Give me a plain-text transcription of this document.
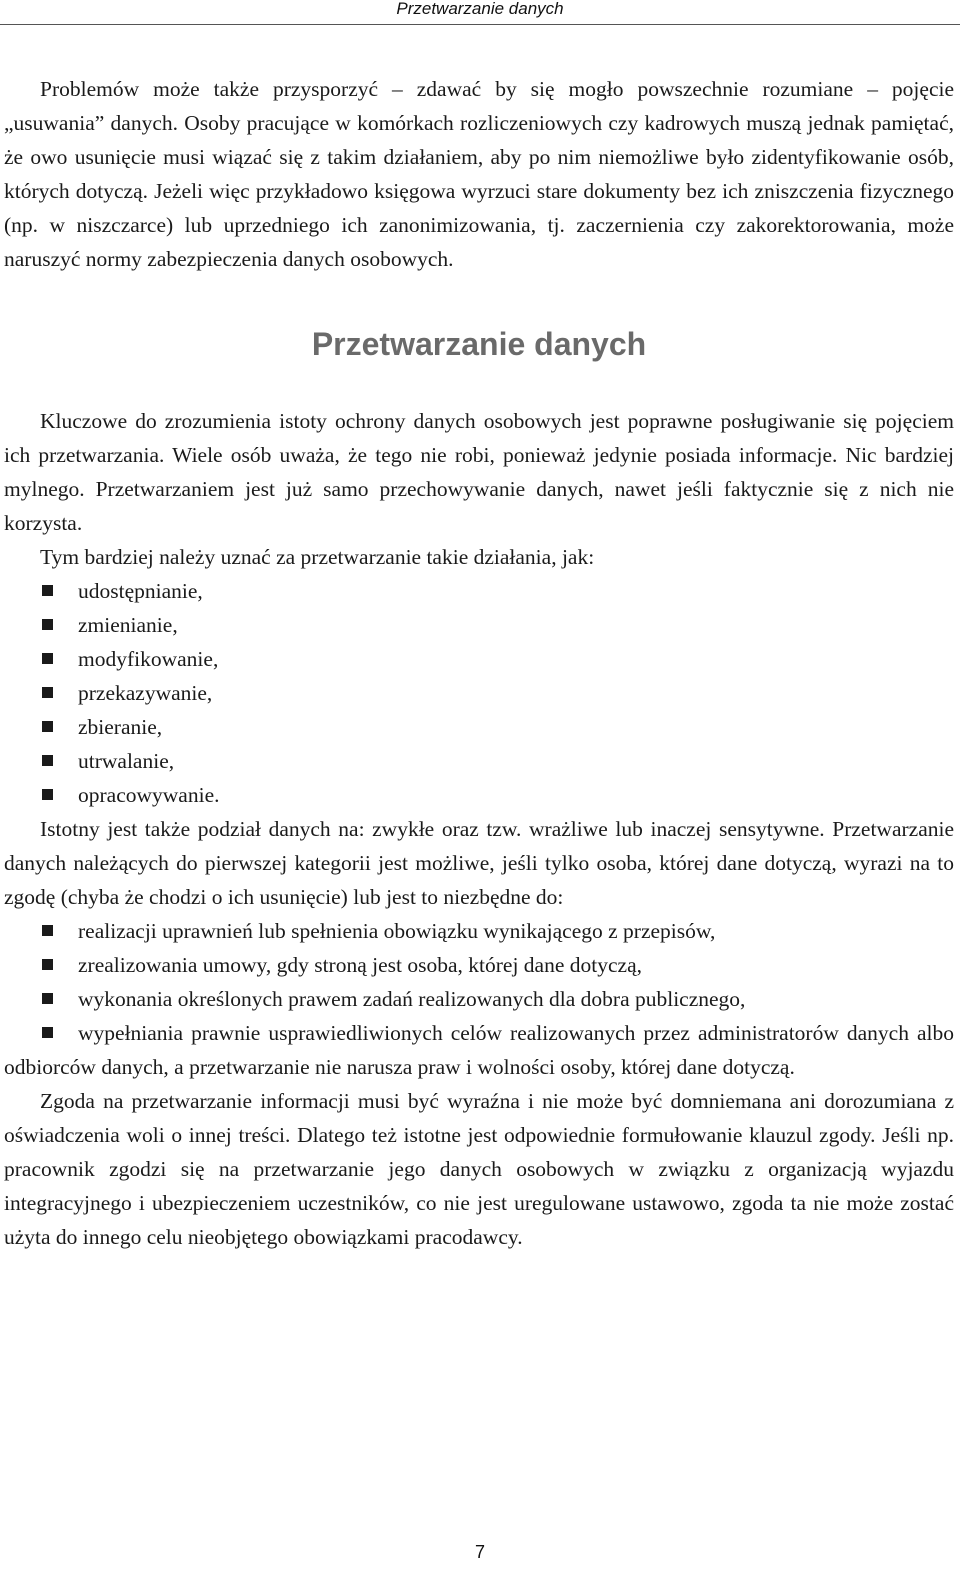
Przetwarzanie danych

Problemów może także przysporzyć – zdawać by się mogło powszechnie rozumiane – pojęcie „usuwania” danych. Osoby pracujące w komórkach rozliczeniowych czy kadrowych muszą jednak pamiętać, że owo usunięcie musi wiązać się z takim działaniem, aby po nim niemożliwe było zidentyfikowanie osób, których dotyczą. Jeżeli więc przykładowo księgowa wyrzuci stare dokumenty bez ich zniszczenia fizycznego (np. w niszczarce) lub uprzedniego ich zanonimizowania, tj. zaczernienia czy zakorektorowania, może naruszyć normy zabezpieczenia danych osobowych.

Przetwarzanie danych

Kluczowe do zrozumienia istoty ochrony danych osobowych jest poprawne posługiwanie się pojęciem ich przetwarzania. Wiele osób uważa, że tego nie robi, ponieważ jedynie posiada informacje. Nic bardziej mylnego. Przetwarzaniem jest już samo przechowywanie danych, nawet jeśli faktycznie się z nich nie korzysta.

Tym bardziej należy uznać za przetwarzanie takie działania, jak:

udostępnianie,
zmienianie,
modyfikowanie,
przekazywanie,
zbieranie,
utrwalanie,
opracowywanie.

Istotny jest także podział danych na: zwykłe oraz tzw. wrażliwe lub inaczej sensytywne. Przetwarzanie danych należących do pierwszej kategorii jest możliwe, jeśli tylko osoba, której dane dotyczą, wyrazi na to zgodę (chyba że chodzi o ich usunięcie) lub jest to niezbędne do:

realizacji uprawnień lub spełnienia obowiązku wynikającego z przepisów,
zrealizowania umowy, gdy stroną jest osoba, której dane dotyczą,
wykonania określonych prawem zadań realizowanych dla dobra publicznego,
wypełniania prawnie usprawiedliwionych celów realizowanych przez administratorów danych albo odbiorców danych, a przetwarzanie nie narusza praw i wolności osoby, której dane dotyczą.

Zgoda na przetwarzanie informacji musi być wyraźna i nie może być domniemana ani dorozumiana z oświadczenia woli o innej treści. Dlatego też istotne jest odpowiednie formułowanie klauzul zgody. Jeśli np. pracownik zgodzi się na przetwarzanie jego danych osobowych w związku z organizacją wyjazdu integracyjnego i ubezpieczeniem uczestników, co nie jest uregulowane ustawowo, zgoda ta nie może zostać użyta do innego celu nieobjętego obowiązkami pracodawcy.

7
